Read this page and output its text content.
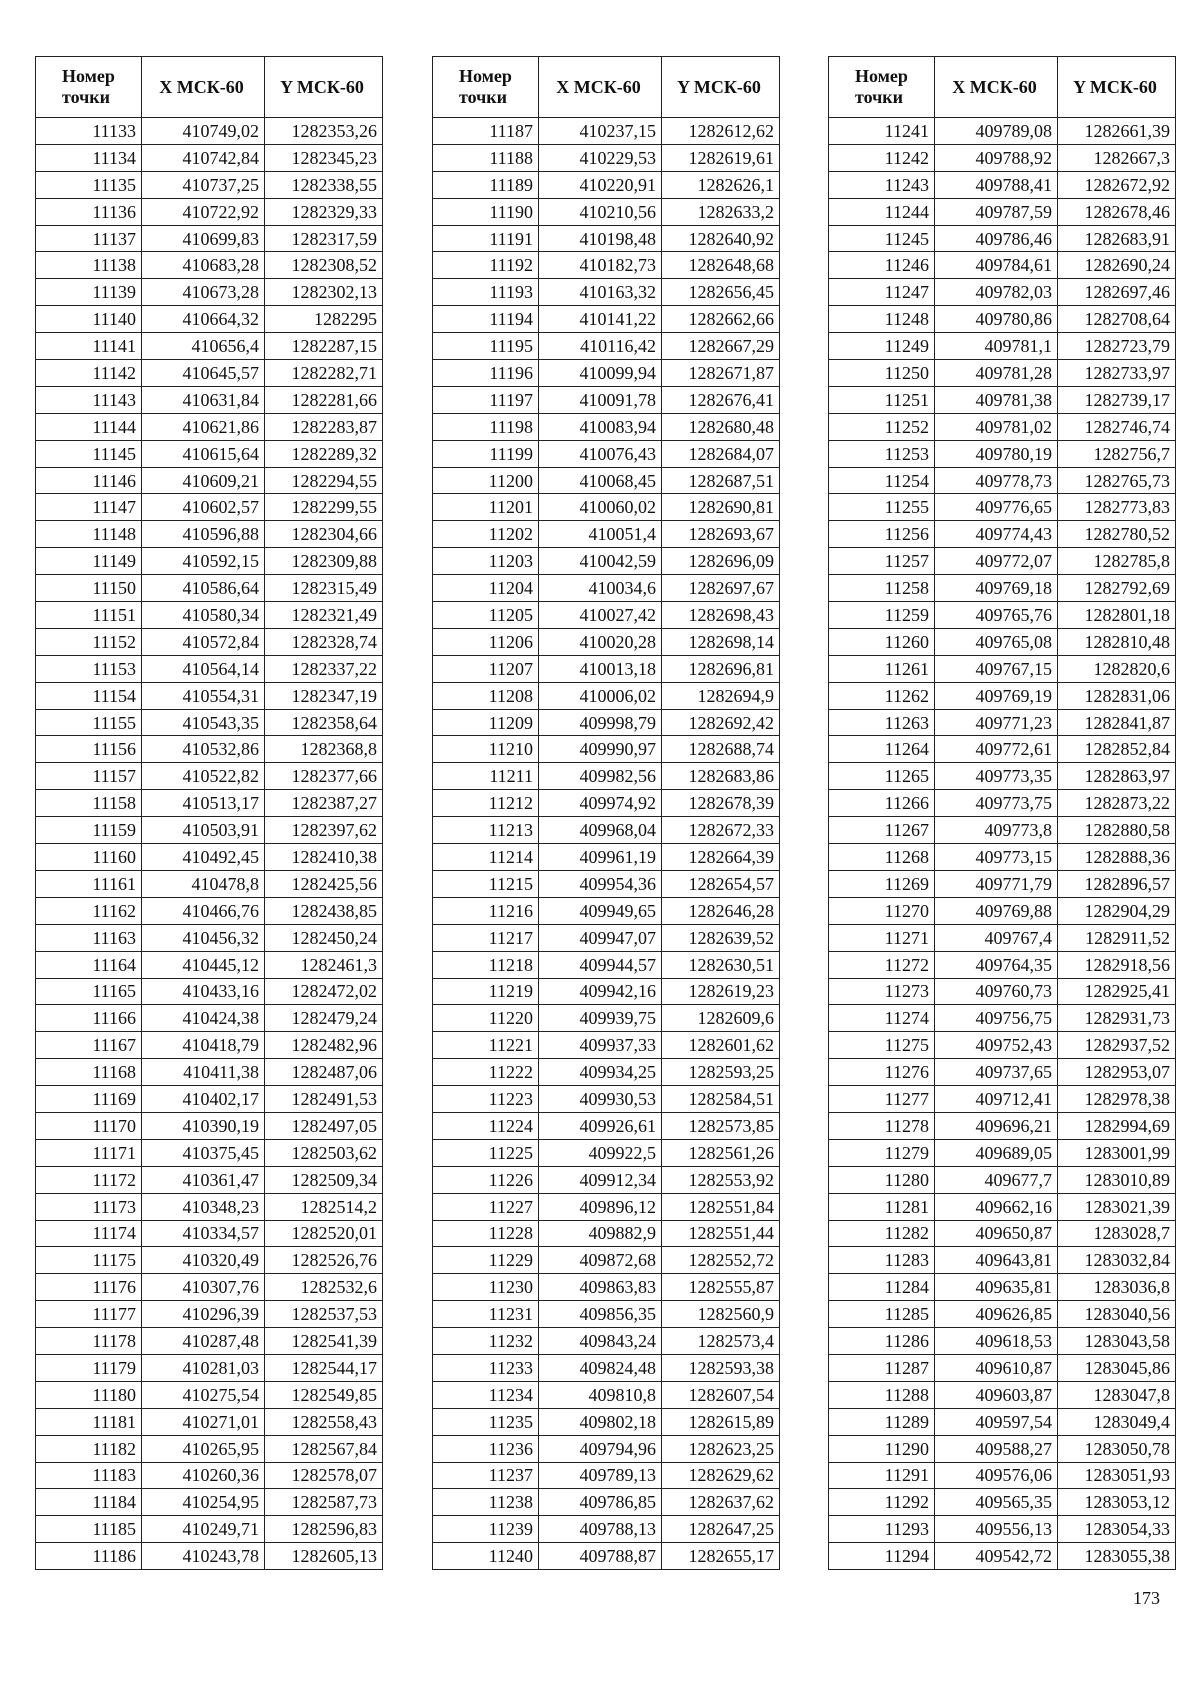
Номер
точки	X МСК-60	Y МСК-60
11133	410749,02	1282353,26
11134	410742,84	1282345,23
11135	410737,25	1282338,55
11136	410722,92	1282329,33
11137	410699,83	1282317,59
11138	410683,28	1282308,52
11139	410673,28	1282302,13
11140	410664,32	1282295
11141	410656,4	1282287,15
11142	410645,57	1282282,71
11143	410631,84	1282281,66
11144	410621,86	1282283,87
11145	410615,64	1282289,32
11146	410609,21	1282294,55
11147	410602,57	1282299,55
11148	410596,88	1282304,66
11149	410592,15	1282309,88
11150	410586,64	1282315,49
11151	410580,34	1282321,49
11152	410572,84	1282328,74
11153	410564,14	1282337,22
11154	410554,31	1282347,19
11155	410543,35	1282358,64
11156	410532,86	1282368,8
11157	410522,82	1282377,66
11158	410513,17	1282387,27
11159	410503,91	1282397,62
11160	410492,45	1282410,38
11161	410478,8	1282425,56
11162	410466,76	1282438,85
11163	410456,32	1282450,24
11164	410445,12	1282461,3
11165	410433,16	1282472,02
11166	410424,38	1282479,24
11167	410418,79	1282482,96
11168	410411,38	1282487,06
11169	410402,17	1282491,53
11170	410390,19	1282497,05
11171	410375,45	1282503,62
11172	410361,47	1282509,34
11173	410348,23	1282514,2
11174	410334,57	1282520,01
11175	410320,49	1282526,76
11176	410307,76	1282532,6
11177	410296,39	1282537,53
11178	410287,48	1282541,39
11179	410281,03	1282544,17
11180	410275,54	1282549,85
11181	410271,01	1282558,43
11182	410265,95	1282567,84
11183	410260,36	1282578,07
11184	410254,95	1282587,73
11185	410249,71	1282596,83
11186	410243,78	1282605,13
Номер
точки	X МСК-60	Y МСК-60
11187	410237,15	1282612,62
11188	410229,53	1282619,61
11189	410220,91	1282626,1
11190	410210,56	1282633,2
11191	410198,48	1282640,92
11192	410182,73	1282648,68
11193	410163,32	1282656,45
11194	410141,22	1282662,66
11195	410116,42	1282667,29
11196	410099,94	1282671,87
11197	410091,78	1282676,41
11198	410083,94	1282680,48
11199	410076,43	1282684,07
11200	410068,45	1282687,51
11201	410060,02	1282690,81
11202	410051,4	1282693,67
11203	410042,59	1282696,09
11204	410034,6	1282697,67
11205	410027,42	1282698,43
11206	410020,28	1282698,14
11207	410013,18	1282696,81
11208	410006,02	1282694,9
11209	409998,79	1282692,42
11210	409990,97	1282688,74
11211	409982,56	1282683,86
11212	409974,92	1282678,39
11213	409968,04	1282672,33
11214	409961,19	1282664,39
11215	409954,36	1282654,57
11216	409949,65	1282646,28
11217	409947,07	1282639,52
11218	409944,57	1282630,51
11219	409942,16	1282619,23
11220	409939,75	1282609,6
11221	409937,33	1282601,62
11222	409934,25	1282593,25
11223	409930,53	1282584,51
11224	409926,61	1282573,85
11225	409922,5	1282561,26
11226	409912,34	1282553,92
11227	409896,12	1282551,84
11228	409882,9	1282551,44
11229	409872,68	1282552,72
11230	409863,83	1282555,87
11231	409856,35	1282560,9
11232	409843,24	1282573,4
11233	409824,48	1282593,38
11234	409810,8	1282607,54
11235	409802,18	1282615,89
11236	409794,96	1282623,25
11237	409789,13	1282629,62
11238	409786,85	1282637,62
11239	409788,13	1282647,25
11240	409788,87	1282655,17
Номер
точки	X МСК-60	Y МСК-60
11241	409789,08	1282661,39
11242	409788,92	1282667,3
11243	409788,41	1282672,92
11244	409787,59	1282678,46
11245	409786,46	1282683,91
11246	409784,61	1282690,24
11247	409782,03	1282697,46
11248	409780,86	1282708,64
11249	409781,1	1282723,79
11250	409781,28	1282733,97
11251	409781,38	1282739,17
11252	409781,02	1282746,74
11253	409780,19	1282756,7
11254	409778,73	1282765,73
11255	409776,65	1282773,83
11256	409774,43	1282780,52
11257	409772,07	1282785,8
11258	409769,18	1282792,69
11259	409765,76	1282801,18
11260	409765,08	1282810,48
11261	409767,15	1282820,6
11262	409769,19	1282831,06
11263	409771,23	1282841,87
11264	409772,61	1282852,84
11265	409773,35	1282863,97
11266	409773,75	1282873,22
11267	409773,8	1282880,58
11268	409773,15	1282888,36
11269	409771,79	1282896,57
11270	409769,88	1282904,29
11271	409767,4	1282911,52
11272	409764,35	1282918,56
11273	409760,73	1282925,41
11274	409756,75	1282931,73
11275	409752,43	1282937,52
11276	409737,65	1282953,07
11277	409712,41	1282978,38
11278	409696,21	1282994,69
11279	409689,05	1283001,99
11280	409677,7	1283010,89
11281	409662,16	1283021,39
11282	409650,87	1283028,7
11283	409643,81	1283032,84
11284	409635,81	1283036,8
11285	409626,85	1283040,56
11286	409618,53	1283043,58
11287	409610,87	1283045,86
11288	409603,87	1283047,8
11289	409597,54	1283049,4
11290	409588,27	1283050,78
11291	409576,06	1283051,93
11292	409565,35	1283053,12
11293	409556,13	1283054,33
11294	409542,72	1283055,38
173
